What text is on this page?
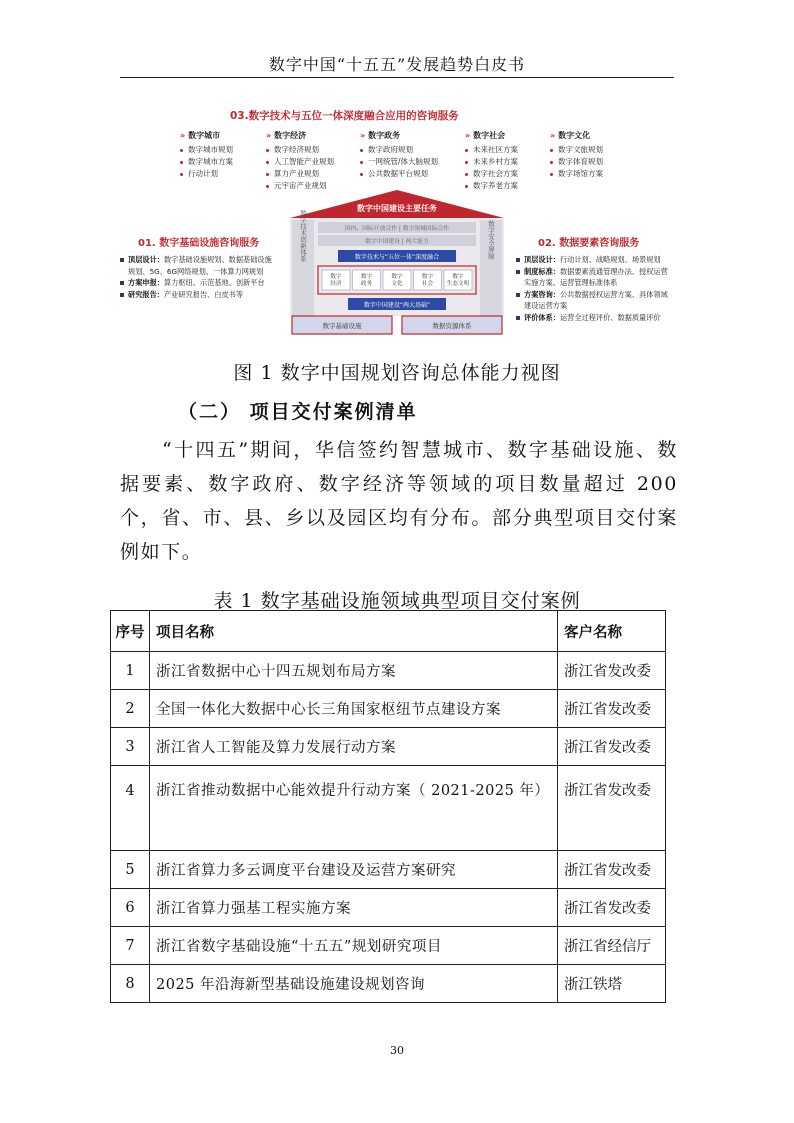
数字中国“十五五”发展趋势白皮书
03.数字技术与五位一体深度融合应用的咨询服务
» 数字城市
数字城市规划
数字城市方案
行动计划
» 数字经济
数字经济规划
人工智能产业规划
算力产业规划
元宇宙产业规划
» 数字政务
数字政府规划
一网统管/体大脑规划
公共数据平台规划
» 数字社会
未来社区方案
未来乡村方案
数字社会方案
数字养老方案
» 数字文化
数字文旅规划
数字体育规划
数字场馆方案
数字中国建设主要任务
数字技术创新体系	数字安全屏障
国内、国际开放合作 | 数字领域国际合作
数字中国建设 | 两大能力
数字技术与“五位一体”深度融合
数字
经济
数字
政务
数字
文化
数字
社会
数字
生态文明
数字中国建设“两大基础”
数字基础设施	数据资源体系
01. 数字基础设施咨询服务
顶层设计：数字基础设施规划、数据基础设施
规划、5G、6G网络规划、一体算力网规划
方案申报：算力枢纽、示范基地、创新平台
研究报告：产业研究报告、白皮书等
02. 数据要素咨询服务
顶层设计：行动计划、战略规划、场景规划
制度标准：数据要素流通管理办法、授权运营
实施方案、运营管理标准体系
方案咨询：公共数据授权运营方案、具体领域
建设运营方案
评价体系：运营全过程评价、数据质量评价
图 1 数字中国规划咨询总体能力视图
（二） 项目交付案例清单
“十四五”期间，华信签约智慧城市、数字基础设施、数据要素、数字政府、数字经济等领域的项目数量超过 200 个，省、市、县、乡以及园区均有分布。部分典型项目交付案例如下。
表 1 数字基础设施领域典型项目交付案例
序号	项目名称	客户名称
1	浙江省数据中心十四五规划布局方案	浙江省发改委
2	全国一体化大数据中心长三角国家枢纽节点建设方案	浙江省发改委
3	浙江省人工智能及算力发展行动方案	浙江省发改委
4	浙江省推动数据中心能效提升行动方案（ 2021-2025 年）	浙江省发改委
5	浙江省算力多云调度平台建设及运营方案研究	浙江省发改委
6	浙江省算力强基工程实施方案	浙江省发改委
7	浙江省数字基础设施“十五五”规划研究项目	浙江省经信厅
8	2025 年沿海新型基础设施建设规划咨询	浙江铁塔
30
